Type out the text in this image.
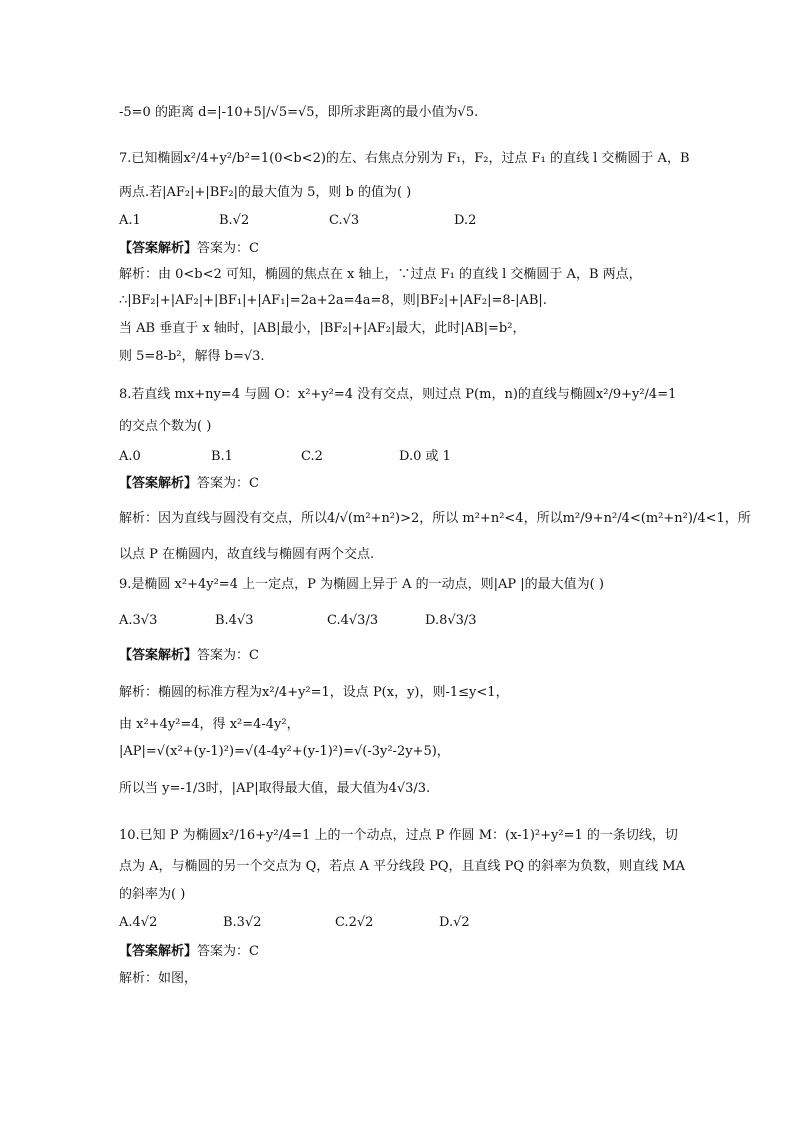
-5=0 的距离 d=|-10+5|/√5=√5，即所求距离的最小值为√5.
7.已知椭圆x²/4+y²/b²=1(0<b<2)的左、右焦点分别为 F₁，F₂，过点 F₁ 的直线 l 交椭圆于 A，B
两点.若|AF₂|+|BF₂|的最大值为 5，则 b 的值为( )
A.1	B.√2	C.√3	D.2
【答案解析】答案为：C
解析：由 0<b<2 可知，椭圆的焦点在 x 轴上，∵过点 F₁ 的直线 l 交椭圆于 A，B 两点，
∴|BF₂|+|AF₂|+|BF₁|+|AF₁|=2a+2a=4a=8，则|BF₂|+|AF₂|=8-|AB|.
当 AB 垂直于 x 轴时，|AB|最小，|BF₂|+|AF₂|最大，此时|AB|=b²，
则 5=8-b²，解得 b=√3.
8.若直线 mx+ny=4 与圆 O：x²+y²=4 没有交点，则过点 P(m，n)的直线与椭圆x²/9+y²/4=1
的交点个数为( )
A.0	B.1	C.2	D.0 或 1
【答案解析】答案为：C
解析：因为直线与圆没有交点，所以4/√(m²+n²)>2，所以 m²+n²<4，所以m²/9+n²/4<(m²+n²)/4<1，所
以点 P 在椭圆内，故直线与椭圆有两个交点.
9.是椭圆 x²+4y²=4 上一定点，P 为椭圆上异于 A 的一动点，则|AP |的最大值为( )
A.3√3	B.4√3	C.4√3/3	D.8√3/3
【答案解析】答案为：C
解析：椭圆的标准方程为x²/4+y²=1，设点 P(x，y)，则-1≤y<1，
由 x²+4y²=4，得 x²=4-4y²，
|AP|=√(x²+(y-1)²)=√(4-4y²+(y-1)²)=√(-3y²-2y+5)，
所以当 y=-1/3时，|AP|取得最大值，最大值为4√3/3.
10.已知 P 为椭圆x²/16+y²/4=1 上的一个动点，过点 P 作圆 M：(x-1)²+y²=1 的一条切线，切
点为 A，与椭圆的另一个交点为 Q，若点 A 平分线段 PQ，且直线 PQ 的斜率为负数，则直线 MA
的斜率为( )
A.4√2	B.3√2	C.2√2	D.√2
【答案解析】答案为：C
解析：如图，
